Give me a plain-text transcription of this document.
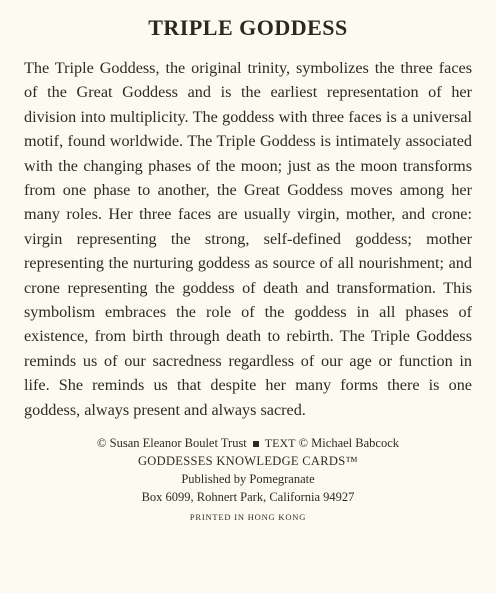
TRIPLE GODDESS

The Triple Goddess, the original trinity, symbolizes the three faces of the Great Goddess and is the earliest representation of her division into multiplicity. The goddess with three faces is a universal motif, found worldwide. The Triple Goddess is intimately associated with the changing phases of the moon; just as the moon transforms from one phase to another, the Great Goddess moves among her many roles. Her three faces are usually virgin, mother, and crone: virgin representing the strong, self-defined goddess; mother representing the nurturing goddess as source of all nourishment; and crone representing the goddess of death and transformation. This symbolism embraces the role of the goddess in all phases of existence, from birth through death to rebirth. The Triple Goddess reminds us of our sacredness regardless of our age or function in life. She reminds us that despite her many forms there is one goddess, always present and always sacred.

© Susan Eleanor Boulet Trust TEXT © Michael Babcock
GODDESSES KNOWLEDGE CARDS™
Published by Pomegranate
Box 6099, Rohnert Park, California 94927
PRINTED IN HONG KONG
